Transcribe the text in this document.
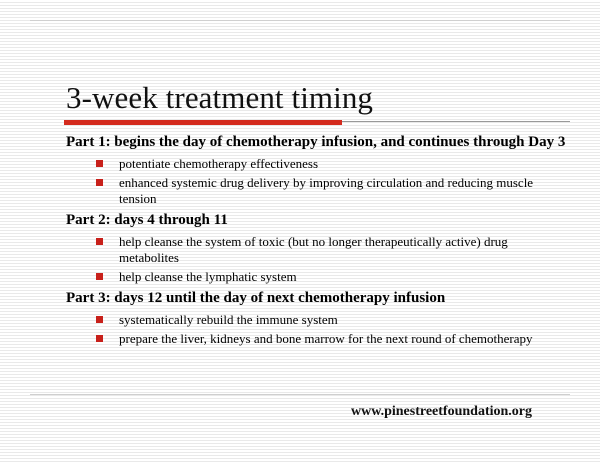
3-week treatment timing
Part 1: begins the day of chemotherapy infusion, and continues through Day 3
potentiate chemotherapy effectiveness
enhanced systemic drug delivery by improving circulation and reducing muscle tension
Part 2: days 4 through 11
help cleanse the system of toxic (but no longer therapeutically active) drug metabolites
help cleanse the lymphatic system
Part 3: days 12 until the day of next chemotherapy infusion
systematically rebuild the immune system
prepare the liver, kidneys and bone marrow for the next round of chemotherapy
www.pinestreetfoundation.org
